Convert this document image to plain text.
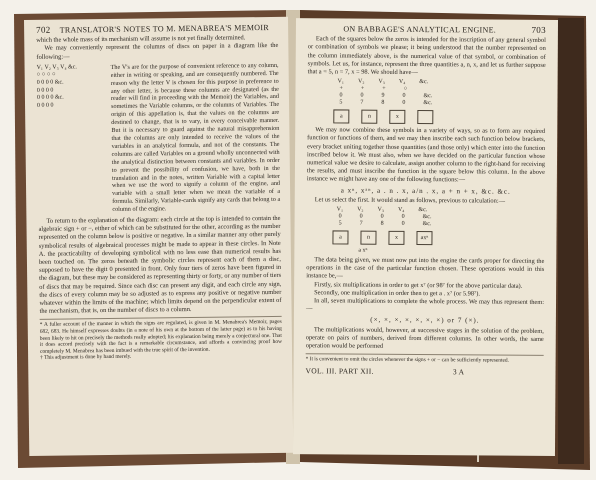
702 TRANSLATOR'S NOTES TO M. MENABREA'S MEMOIR

which the whole mass of its mechanism will assume is not yet finally determined.

We may conveniently represent the columns of discs on paper in a diagram like the following:—

V₁ V₂ V₃ V₄ &c.
○ ○ ○ ○
0 0 0 0 &c.
0 0 0 0
0 0 0 0 &c.
0 0 0 0

The V's are for the purpose of convenient reference to any column, either in writing or speaking, and are consequently numbered. The reason why the letter V is chosen for this purpose in preference to any other letter, is because these columns are designated (as the reader will find in proceeding with the Memoir) the Variables, and sometimes the Variable columns, or the columns of Variables. The origin of this appellation is, that the values on the columns are destined to change, that is to vary, in every conceivable manner. But it is necessary to guard against the natural misapprehension that the columns are only intended to receive the values of the variables in an analytical formula, and not of the constants. The columns are called Variables on a ground wholly unconnected with the analytical distinction between constants and variables. In order to prevent the possibility of confusion, we have, both in the translation and in the notes, written Variable with a capital letter when we use the word to signify a column of the engine, and variable with a small letter when we mean the variable of a formula. Similarly, Variable-cards signify any cards that belong to a column of the engine.

To return to the explanation of the diagram: each circle at the top is intended to contain the algebraic sign + or −, either of which can be substituted for the other, according as the number represented on the column below is positive or negative. In a similar manner any other purely symbolical results of algebraical processes might be made to appear in these circles. In Note A. the practicability of developing symbolical with no less ease than numerical results has been touched on. The zeros beneath the symbolic circles represent each of them a disc, supposed to have the digit 0 presented in front. Only four tiers of zeros have been figured in the diagram, but these may be considered as representing thirty or forty, or any number of tiers of discs that may be required. Since each disc can present any digit, and each circle any sign, the discs of every column may be so adjusted as to express any positive or negative number whatever within the limits of the machine; which limits depend on the perpendicular extent of the mechanism, that is, on the number of discs to a column.

* A fuller account of the manner in which the signs are regulated, is given in M. Menabrea's Memoir, pages 682, 683. He himself expresses doubts (in a note of his own at the bottom of the latter page) as to his having been likely to hit on precisely the methods really adopted; his explanation being merely a conjectural one. That it does accord precisely with the fact is a remarkable circumstance, and affords a convincing proof how completely M. Menabrea has been imbued with the true spirit of the invention.

† This adjustment is done by hand merely.

ON BABBAGE'S ANALYTICAL ENGINE.	703

Each of the squares below the zeros is intended for the inscription of any general symbol or combination of symbols we please; it being understood that the number represented on the column immediately above, is the numerical value of that symbol, or combination of symbols. Let us, for instance, represent the three quantities a, n, x, and let us further suppose that a = 5, n = 7, x = 98. We should have—

V₁ V₂ V₃ V₄ &c.
+	+	+	○
0	0	9	0	&c.
5	7	8	0	&c.
a	n	x

We may now combine these symbols in a variety of ways, so as to form any required function or functions of them, and we may then inscribe each such function below brackets, every bracket uniting together those quantities (and those only) which enter into the function inscribed below it. We must also, when we have decided on the particular function whose numerical value we desire to calculate, assign another column to the right-hand for receiving the results, and must inscribe the function in the square below this column. In the above instance we might have any one of the following functions:—

a xⁿ, xᵃⁿ, a . n . x, a/n . x, a + n + x, &c. &c.

Let us select the first. It would stand as follows, previous to calculation:—

V₁ V₂ V₃ V₄ &c.
0	0	0	0	&c.
5	7	8	0	&c.
a	n	x	axⁿ
a xⁿ

The data being given, we must now put into the engine the cards proper for directing the operations in the case of the particular function chosen. These operations would in this instance be,—

Firstly, six multiplications in order to get x⁷ (or 98⁷ for the above particular data).

Secondly, one multiplication in order then to get a . x⁷ (or 5.98⁷).

In all, seven multiplications to complete the whole process. We may thus represent them:—

(×, ×, ×, ×, ×, ×, ×) or 7 (×).

The multiplications would, however, at successive stages in the solution of the problem, operate on pairs of numbers, derived from different columns. In other words, the same operation would be performed

* It is convenient to omit the circles whenever the signs + or − can be sufficiently represented.

VOL. III. PART XII.	3 A
